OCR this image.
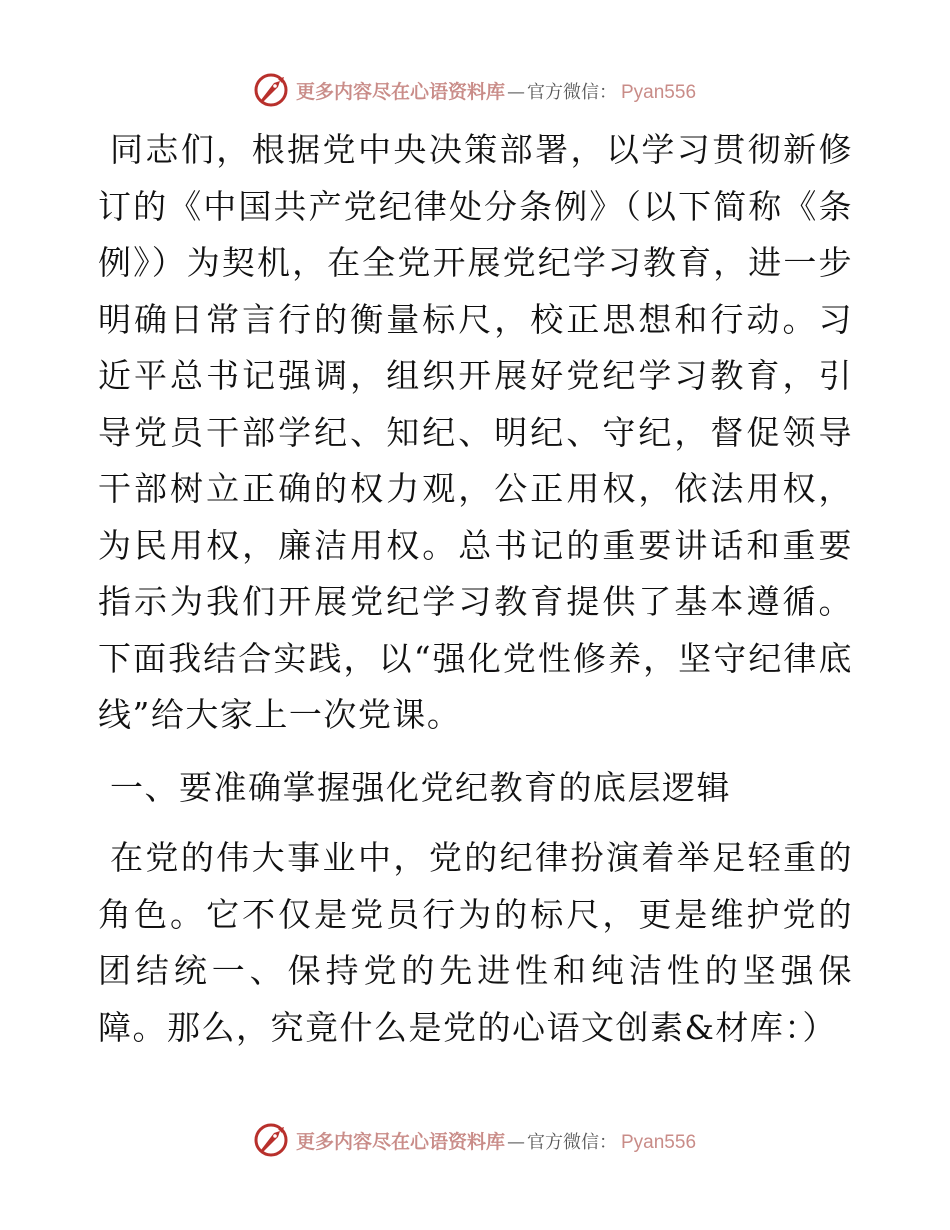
更多内容尽在心语资料库 — 官方微信： Pyan556

同志们，根据党中央决策部署，以学习贯彻新修订的《中国共产党纪律处分条例》（以下简称《条例》）为契机，在全党开展党纪学习教育，进一步明确日常言行的衡量标尺，校正思想和行动。习近平总书记强调，组织开展好党纪学习教育，引导党员干部学纪、知纪、明纪、守纪，督促领导干部树立正确的权力观，公正用权，依法用权，为民用权，廉洁用权。总书记的重要讲话和重要指示为我们开展党纪学习教育提供了基本遵循。下面我结合实践，以“强化党性修养，坚守纪律底线”给大家上一次党课。

一、要准确掌握强化党纪教育的底层逻辑

在党的伟大事业中，党的纪律扮演着举足轻重的角色。它不仅是党员行为的标尺，更是维护党的团结统一、保持党的先进性和纯洁性的坚强保障。那么，究竟什么是党的心语文创素&材库：）

更多内容尽在心语资料库 — 官方微信： Pyan556
